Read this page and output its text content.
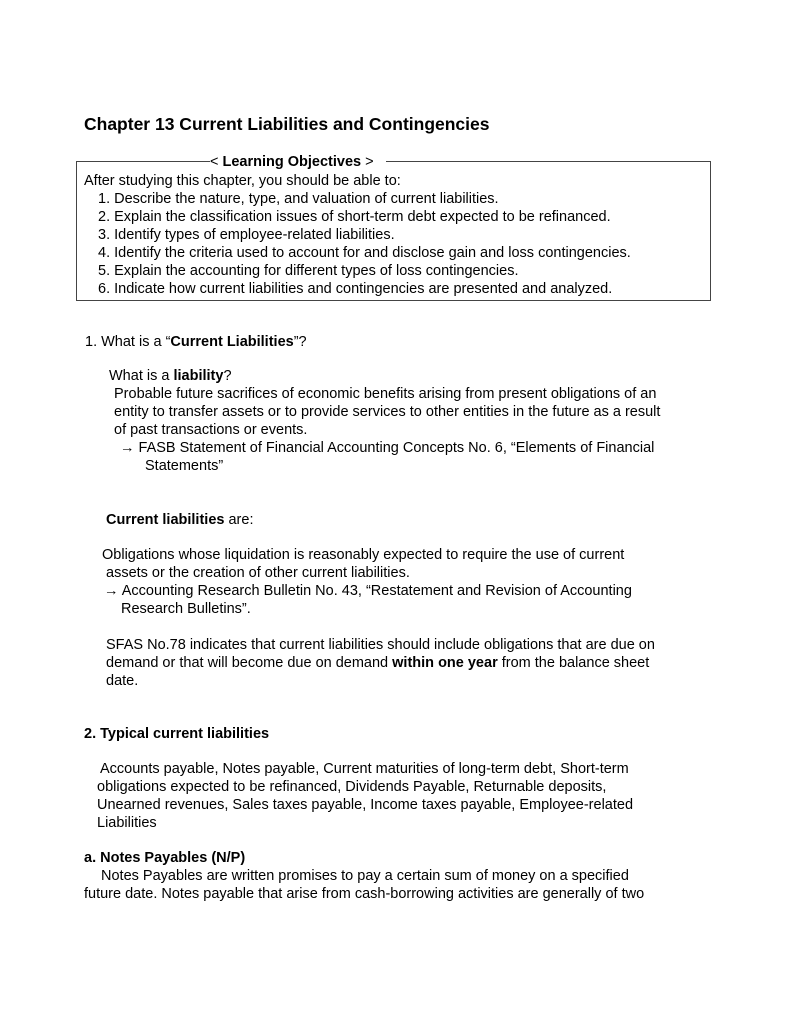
Chapter 13 Current Liabilities and Contingencies
< Learning Objectives >
After studying this chapter, you should be able to:
1. Describe the nature, type, and valuation of current liabilities.
2. Explain the classification issues of short-term debt expected to be refinanced.
3. Identify types of employee-related liabilities.
4. Identify the criteria used to account for and disclose gain and loss contingencies.
5. Explain the accounting for different types of loss contingencies.
6. Indicate how current liabilities and contingencies are presented and analyzed.
1. What is a “Current Liabilities”?
What is a liability?
Probable future sacrifices of economic benefits arising from present obligations of an
entity to transfer assets or to provide services to other entities in the future as a result
of past transactions or events.
→ FASB Statement of Financial Accounting Concepts No. 6, “Elements of Financial
Statements”
Current liabilities are:
Obligations whose liquidation is reasonably expected to require the use of current
assets or the creation of other current liabilities.
→ Accounting Research Bulletin No. 43, “Restatement and Revision of Accounting
Research Bulletins”.
SFAS No.78 indicates that current liabilities should include obligations that are due on
demand or that will become due on demand within one year from the balance sheet
date.
2. Typical current liabilities
Accounts payable, Notes payable, Current maturities of long-term debt, Short-term
obligations expected to be refinanced, Dividends Payable, Returnable deposits,
Unearned revenues, Sales taxes payable, Income taxes payable, Employee-related
Liabilities
a. Notes Payables (N/P)
Notes Payables are written promises to pay a certain sum of money on a specified
future date. Notes payable that arise from cash-borrowing activities are generally of two
